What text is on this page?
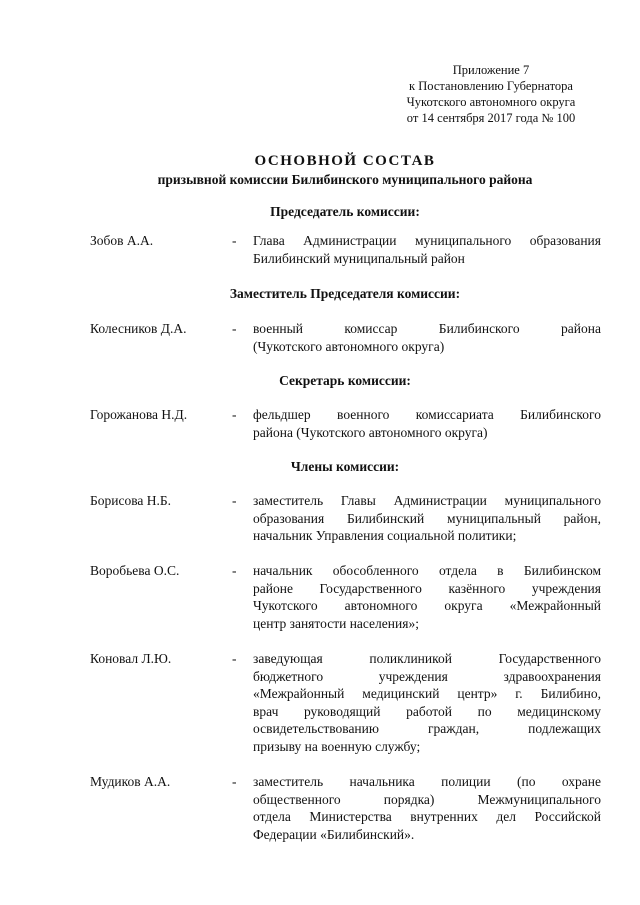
Приложение 7
к Постановлению Губернатора
Чукотского автономного округа
от 14 сентября 2017 года № 100
ОСНОВНОЙ СОСТАВ
призывной комиссии Билибинского муниципального района
Председатель комиссии:
Зобов А.А.	- Глава Администрации муниципального образования
Билибинский муниципальный район
Заместитель Председателя комиссии:
Колесников Д.А.	- военный комиссар Билибинского района
(Чукотского автономного округа)
Секретарь комиссии:
Горожанова Н.Д.	- фельдшер военного комиссариата Билибинского
района (Чукотского автономного округа)
Члены комиссии:
Борисова Н.Б.	- заместитель Главы Администрации муниципального
образования Билибинский муниципальный район,
начальник Управления социальной политики;
Воробьева О.С.	- начальник обособленного отдела в Билибинском
районе Государственного казённого учреждения
Чукотского автономного округа «Межрайонный
центр занятости населения»;
Коновал Л.Ю.	- заведующая поликлиникой Государственного
бюджетного учреждения здравоохранения
«Межрайонный медицинский центр» г. Билибино,
врач руководящий работой по медицинскому
освидетельствованию граждан, подлежащих
призыву на военную службу;
Мудиков А.А.	- заместитель начальника полиции (по охране
общественного порядка) Межмуниципального
отдела Министерства внутренних дел Российской
Федерации «Билибинский».
